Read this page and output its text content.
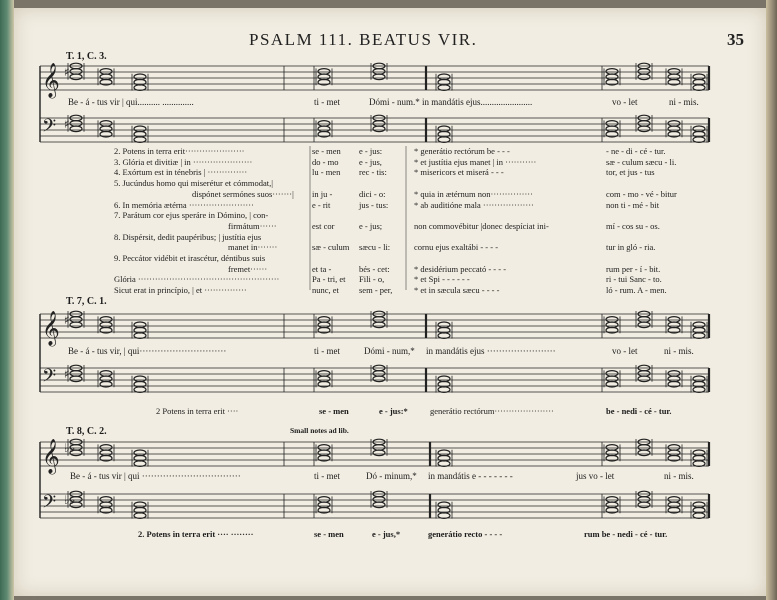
PSALM 111. BEATUS VIR.	35
𝄞 ♯
𝄢 ♯
𝄞 ♯
𝄢 ♯
𝄞 ♭♭
𝄢 ♭♭
T. 1, C. 3.
Be - á - tus vir | qui.......... ..............	ti - met	Dómi - num.* in mandátis ejus.......................	vo - let	ni - mis.
2. Potens in terra erit·····················	se - men e - jus:	* generátio rectórum be - - -	- ne - di - cé - tur.
3. Glória et divitiæ | in ·····················	do - mo e - jus,	* et justítia ejus manet | in ···········	sæ - culum sæcu - li.
4. Exórtum est in ténebris | ··············	lu - men rec - tis:	* misericors et miserá - - -	tor, et jus - tus
5. Jucúndus homo qui miserétur et cómmodat,|
dispónet sermónes suos·······| in ju -	dici - o:	* quia in ætérnum non···············	com - mo - vé - bitur
6. In memória ætérna ·······················	e - rit	jus - tus:	* ab auditióne mala ··················	non ti - mé - bit
7. Parátum cor ejus speráre in Dómino, | con-
firmátum······	est cor	e - jus;	non commovébitur |donec despíciat ini-	mí - cos su - os.
8. Dispérsit, dedit paupéribus; | justítia ejus
manet in·······	sæ - culum sæcu - li:	cornu ejus exaltábi - - - -	tur in gló - ria.
9. Peccátor vidébit et irascétur, déntibus suis
fremet······	et ta -	bés - cet:	* desidérium peccató - - - -	rum per - í - bit.
Glória ··················································	Pa - tri, et Fili - o,	* et Spi - - - - - -	ri - tui Sanc - to.
Sicut erat in princípio, | et ···············	nunc, et sem - per,	* et in sæcula sæcu - - - -	ló - rum. A - men.
T. 7, C. 1.
Be - á - tus vir, | qui·····························	ti - met	Dómi - num,* in mandátis ejus ·······················	vo - let	ni - mis.
2 Potens in terra erit ····	se - men	e - jus:*	generátio rectórum·····················	be - nedi - cé - tur.
T. 8, C. 2.	Small notes ad lib.
Be - á - tus vir | qui ·································	ti - met	Dó - minum,* in mandátis e - - - - - - -	jus vo - let	ni - mis.
2. Potens in terra erit ···· ········	se - men	e - jus,*	generátio recto - - - -	rum be - nedi - cé - tur.
